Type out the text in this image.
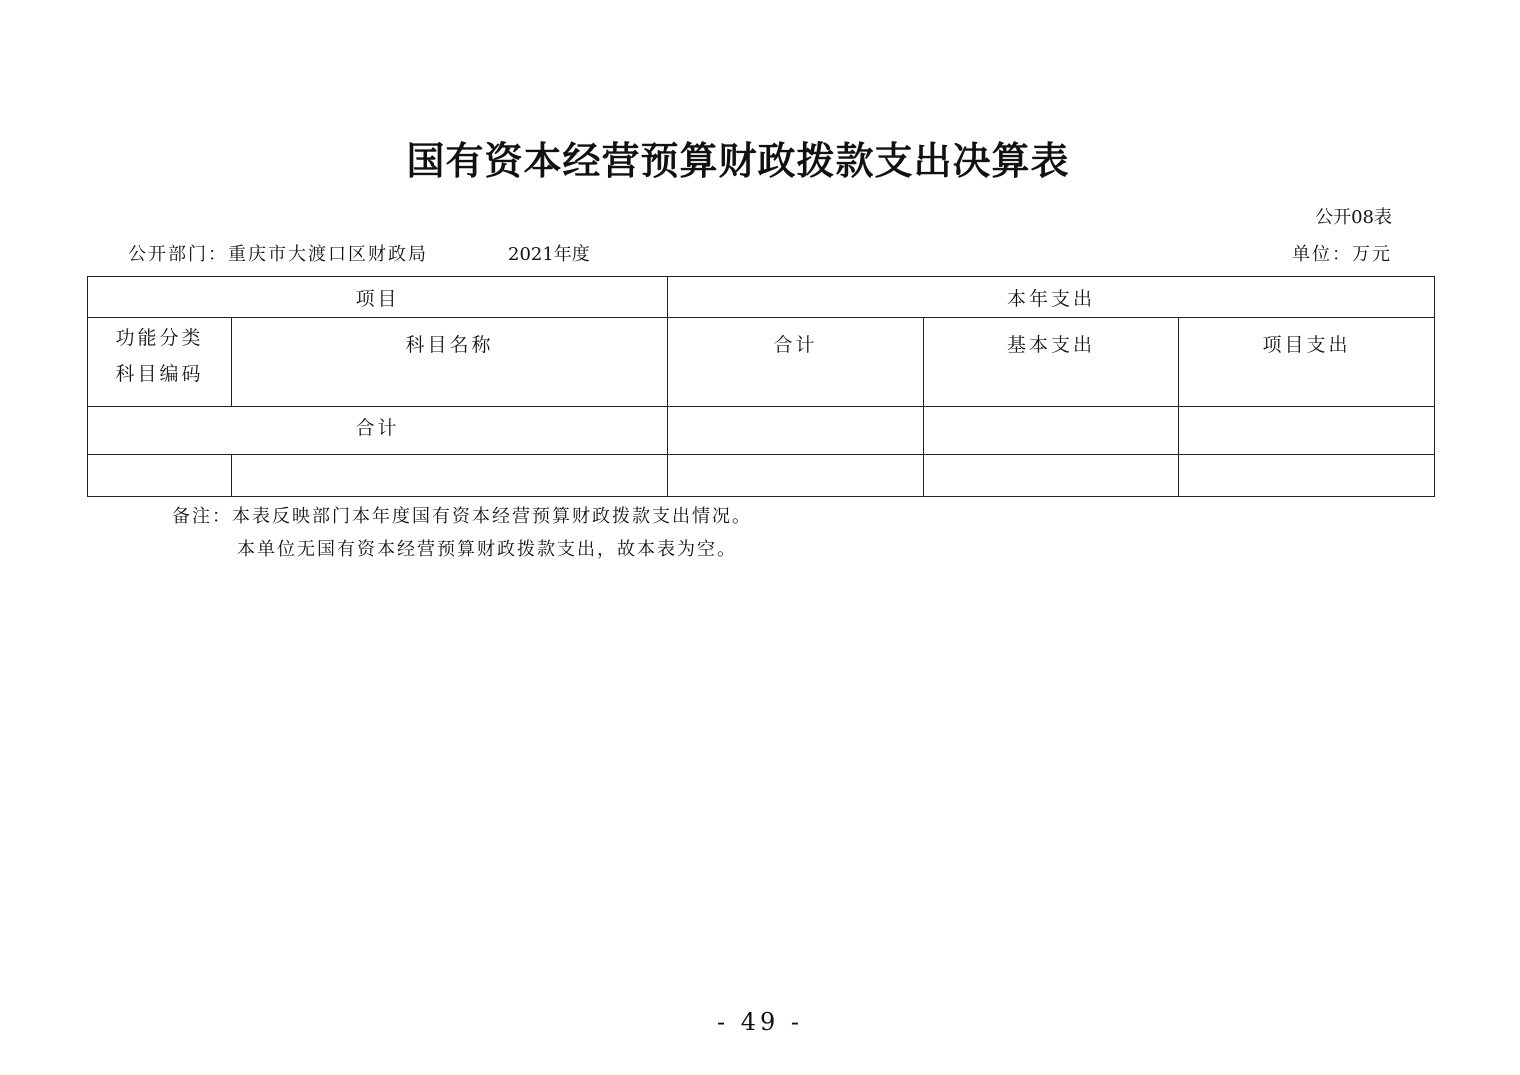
国有资本经营预算财政拨款支出决算表
公开08表
公开部门：重庆市大渡口区财政局	2021年度	单位：万元
项目		本年支出		
功能分类
科目编码	科目名称	合计	基本支出	项目支出
合计				

备注：本表反映部门本年度国有资本经营预算财政拨款支出情况。
本单位无国有资本经营预算财政拨款支出，故本表为空。
- 49 -
